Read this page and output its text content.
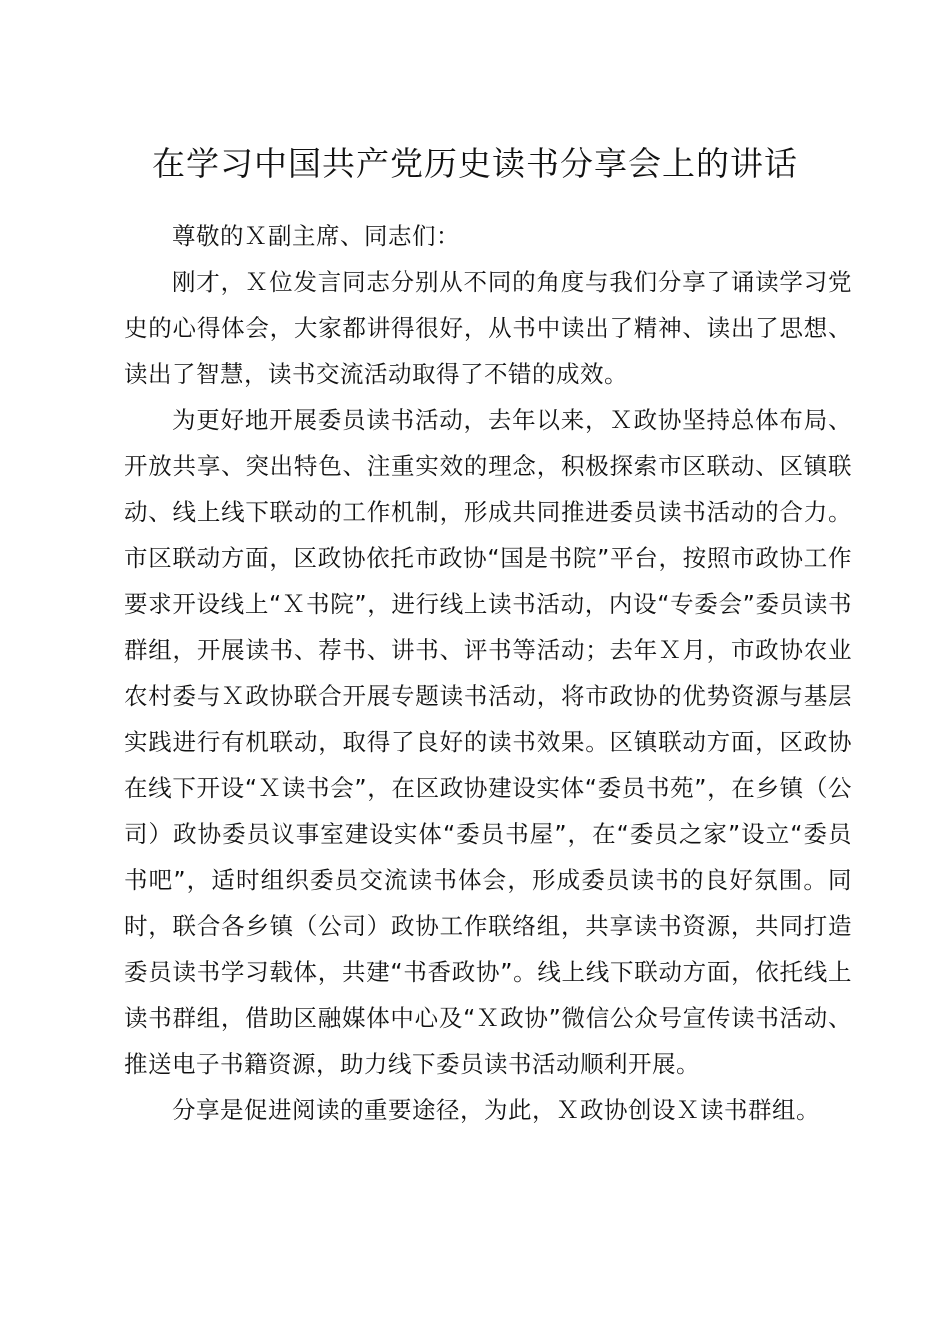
在学习中国共产党历史读书分享会上的讲话

尊敬的Ｘ副主席、同志们：

刚才，Ｘ位发言同志分别从不同的角度与我们分享了诵读学习党史的心得体会，大家都讲得很好，从书中读出了精神、读出了思想、读出了智慧，读书交流活动取得了不错的成效。

为更好地开展委员读书活动，去年以来，Ｘ政协坚持总体布局、开放共享、突出特色、注重实效的理念，积极探索市区联动、区镇联动、线上线下联动的工作机制，形成共同推进委员读书活动的合力。市区联动方面，区政协依托市政协“国是书院”平台，按照市政协工作要求开设线上“Ｘ书院”，进行线上读书活动，内设“专委会”委员读书群组，开展读书、荐书、讲书、评书等活动；去年Ｘ月，市政协农业农村委与Ｘ政协联合开展专题读书活动，将市政协的优势资源与基层实践进行有机联动，取得了良好的读书效果。区镇联动方面，区政协在线下开设“Ｘ读书会”，在区政协建设实体“委员书苑”，在乡镇（公司）政协委员议事室建设实体“委员书屋”，在“委员之家”设立“委员书吧”，适时组织委员交流读书体会，形成委员读书的良好氛围。同时，联合各乡镇（公司）政协工作联络组，共享读书资源，共同打造委员读书学习载体，共建“书香政协”。线上线下联动方面，依托线上读书群组，借助区融媒体中心及“Ｘ政协”微信公众号宣传读书活动、推送电子书籍资源，助力线下委员读书活动顺利开展。

分享是促进阅读的重要途径，为此，Ｘ政协创设Ｘ读书群组。
